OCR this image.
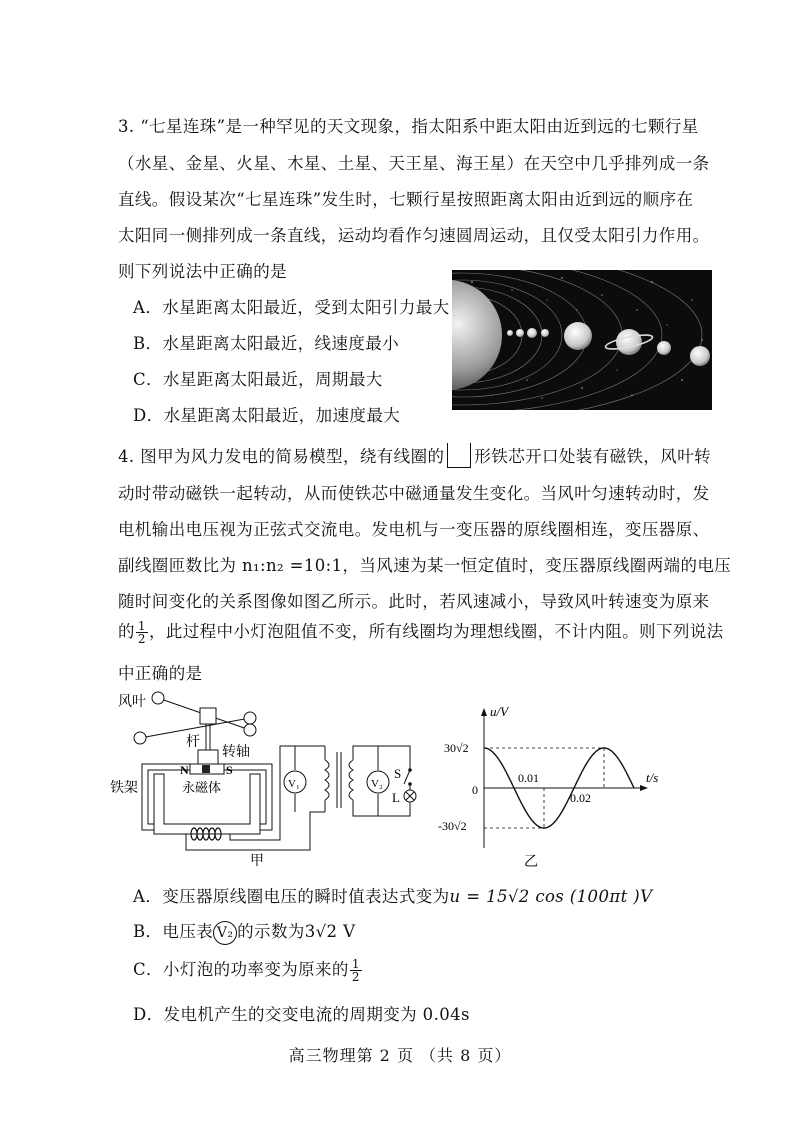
3. “七星连珠”是一种罕见的天文现象，指太阳系中距太阳由近到远的七颗行星
（水星、金星、火星、木星、土星、天王星、海王星）在天空中几乎排列成一条
直线。假设某次“七星连珠”发生时，七颗行星按照距离太阳由近到远的顺序在
太阳同一侧排列成一条直线，运动均看作匀速圆周运动，且仅受太阳引力作用。
则下列说法中正确的是
A．水星距离太阳最近，受到太阳引力最大
B．水星距离太阳最近，线速度最小
C．水星距离太阳最近，周期最大
D．水星距离太阳最近，加速度最大
4. 图甲为风力发电的简易模型，绕有线圈的 形铁芯开口处装有磁铁，风叶转
动时带动磁铁一起转动，从而使铁芯中磁通量发生变化。当风叶匀速转动时，发
电机输出电压视为正弦式交流电。发电机与一变压器的原线圈相连，变压器原、
副线圈匝数比为 n₁:n₂ =10:1，当风速为某一恒定值时，变压器原线圈两端的电压
随时间变化的关系图像如图乙所示。此时，若风速减小，导致风叶转速变为原来
的 $\frac{1}{2}$ ，此过程中小灯泡阻值不变，所有线圈均为理想线圈，不计内阻。则下列说法
中正确的是
风叶
杆
转轴
铁架
N	S
永磁体	V₁	V₂
S
L
甲
u/V
t/s
30√2
-30√2
0
0.01
0.02
乙
A．变压器原线圈电压的瞬时值表达式变为u = 15√2 cos (100πt )V
B．电压表 V₂ 的示数为3√2 V
C．小灯泡的功率变为原来的 $\frac{1}{2}$
D．发电机产生的交变电流的周期变为 0.04s
高三物理第 2 页 （共 8 页）
